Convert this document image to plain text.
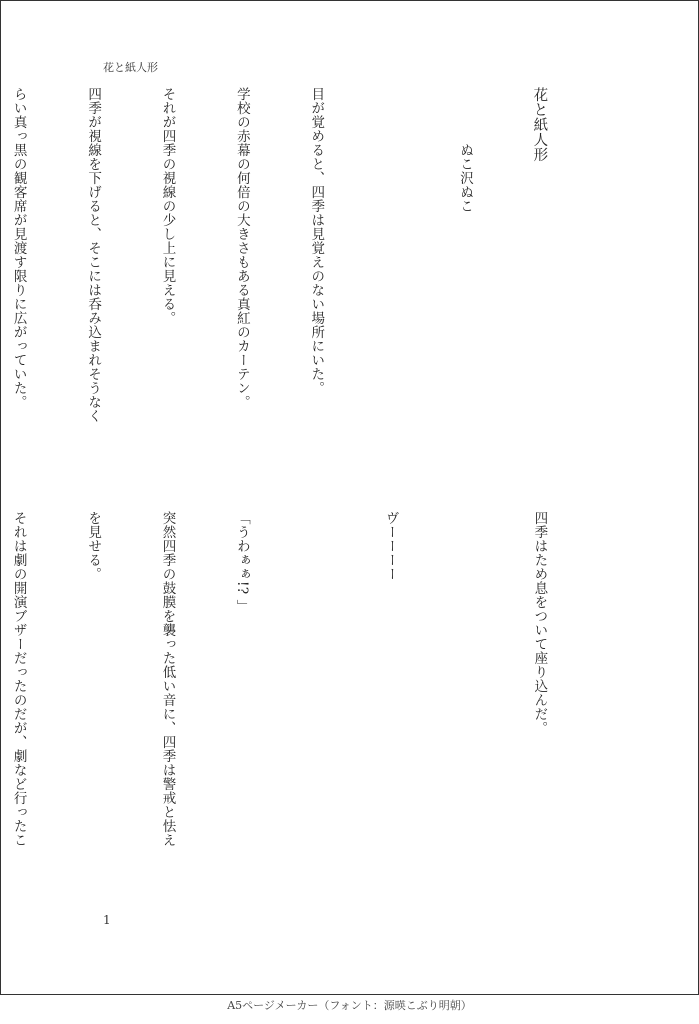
花と紙人形

花と紙人形

　　　　ぬこ沢ぬこ

目が覚めると、四季は見覚えのない場所にいた。

学校の赤幕の何倍の大きさもある真紅のカーテン。

それが四季の視線の少し上に見える。

四季が視線を下げると、そこには呑み込まれそうなく

らい真っ黒の観客席が見渡す限りに広がっていた。

四季はため息をついて座り込んだ。

ヴーーーー

「うわぁぁ!? 」

突然四季の鼓膜を襲った低い音に、四季は警戒と怯え

を見せる。

それは劇の開演ブザーだったのだが、劇など行ったこ

1
A5ページメーカー（フォント：源暎こぶり明朝）
